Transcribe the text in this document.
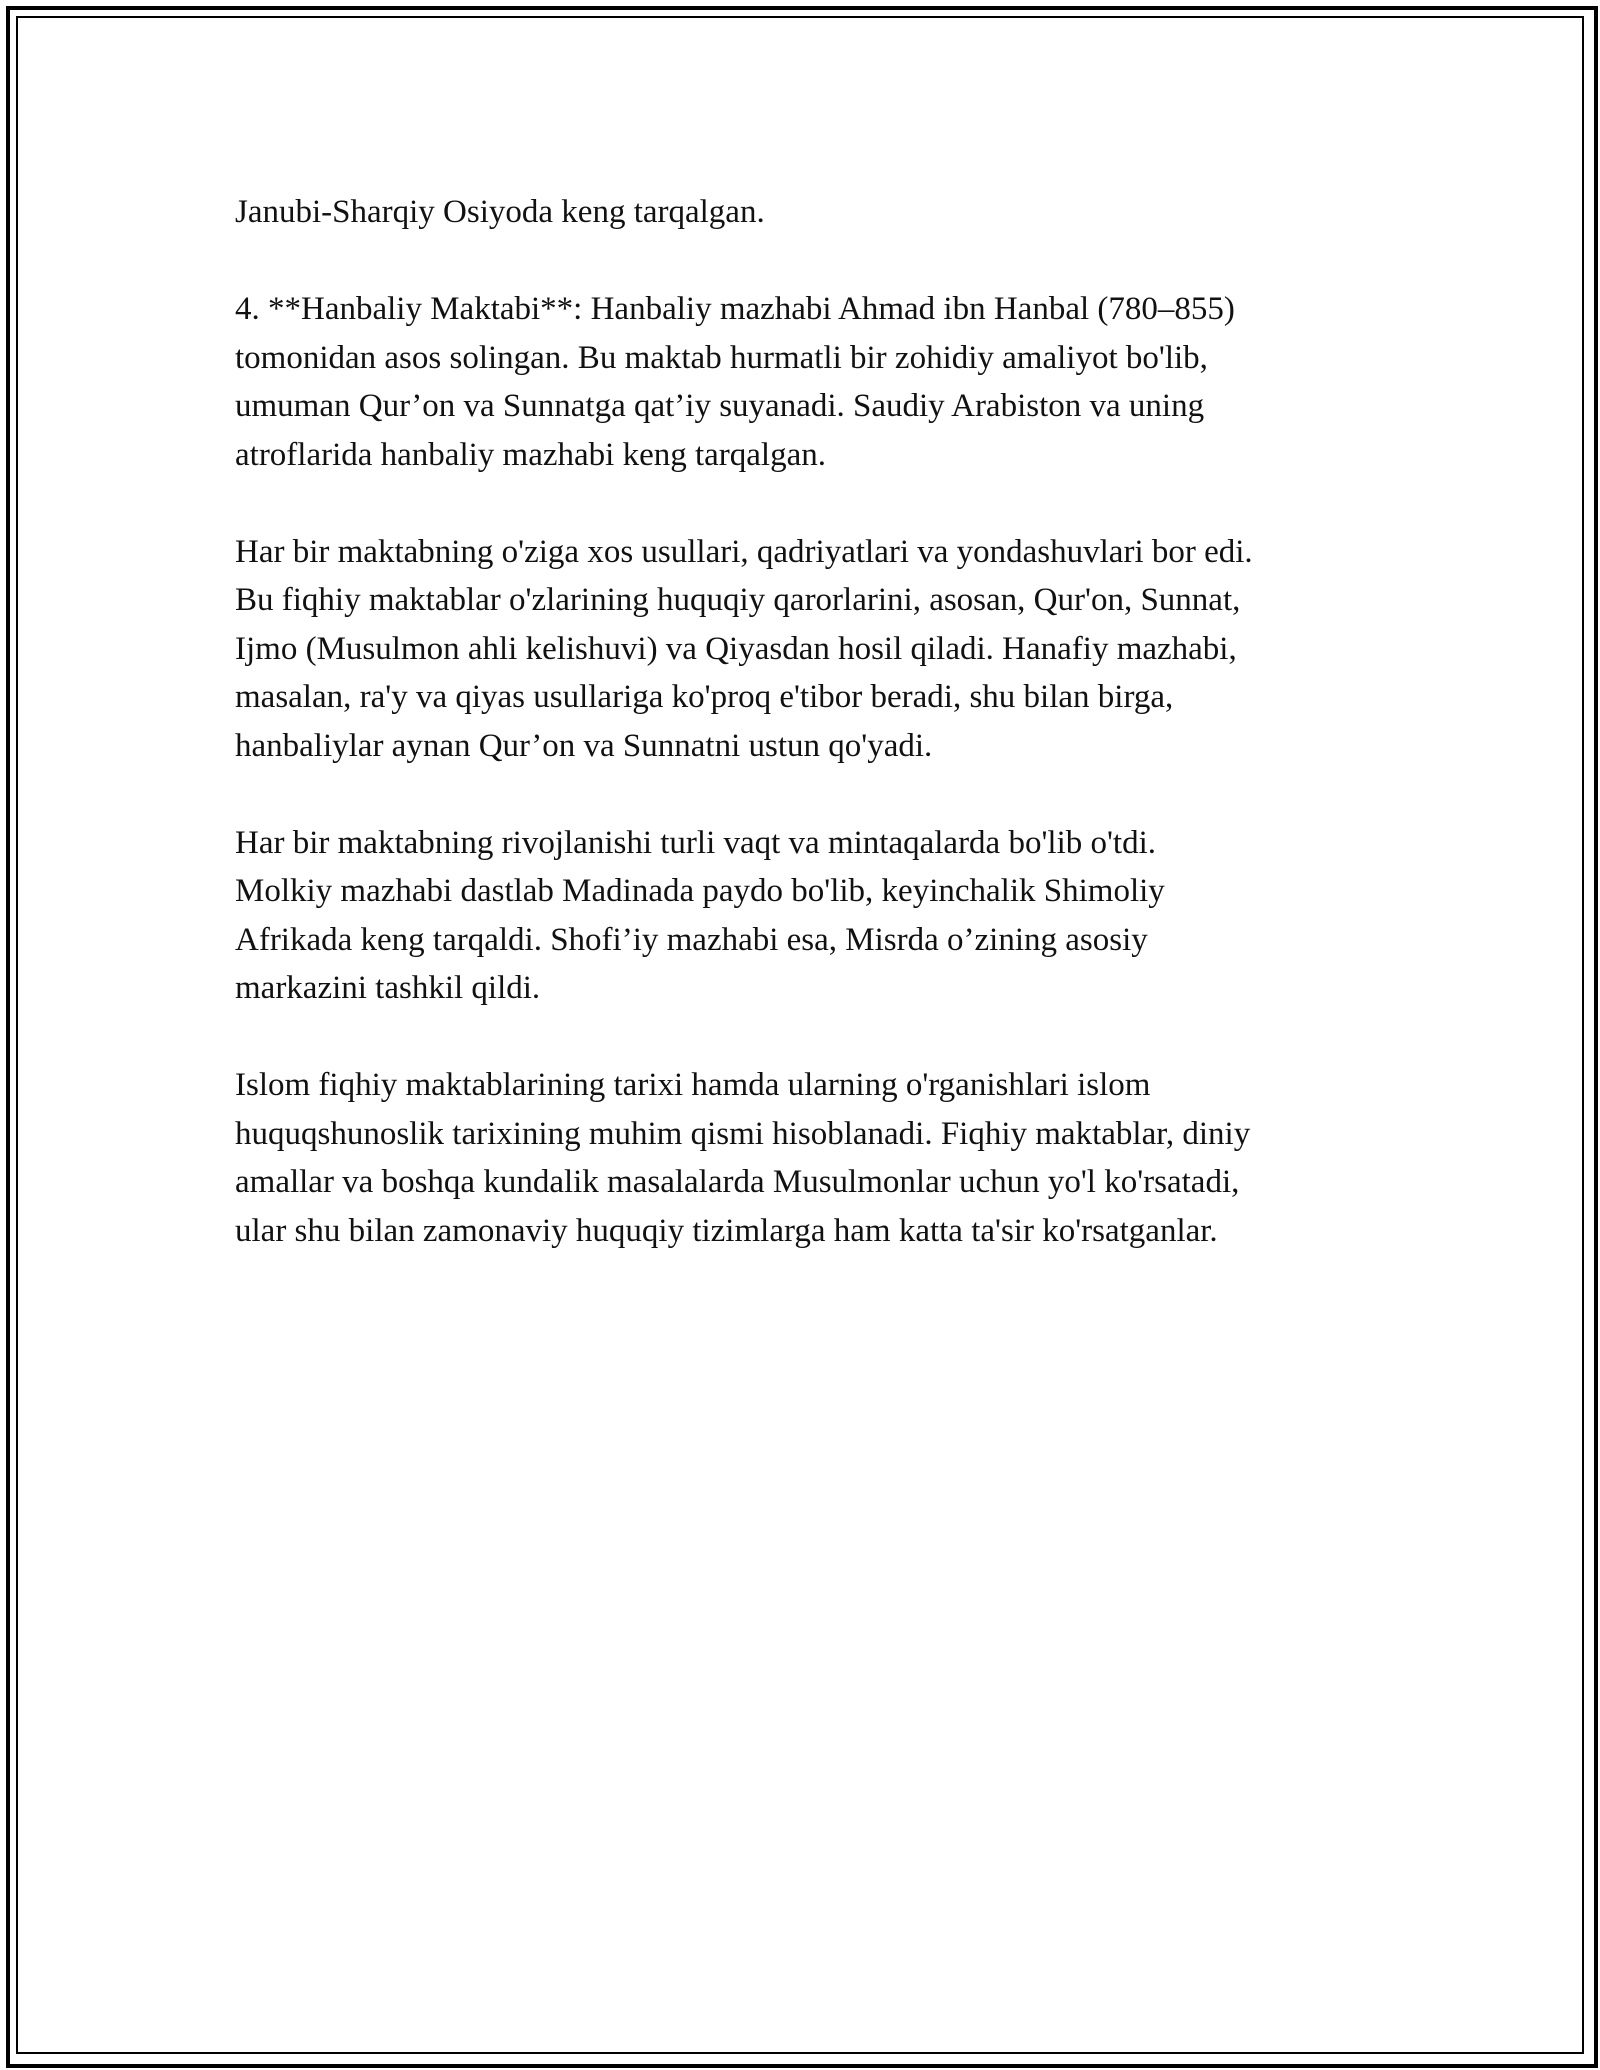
Janubi-Sharqiy Osiyoda keng tarqalgan.

4. **Hanbaliy Maktabi**: Hanbaliy mazhabi Ahmad ibn Hanbal (780–855)
tomonidan asos solingan. Bu maktab hurmatli bir zohidiy amaliyot bo'lib,
umuman Qur’on va Sunnatga qat’iy suyanadi. Saudiy Arabiston va uning
atroflarida hanbaliy mazhabi keng tarqalgan.

Har bir maktabning o'ziga xos usullari, qadriyatlari va yondashuvlari bor edi.
Bu fiqhiy maktablar o'zlarining huquqiy qarorlarini, asosan, Qur'on, Sunnat,
Ijmo (Musulmon ahli kelishuvi) va Qiyasdan hosil qiladi. Hanafiy mazhabi,
masalan, ra'y va qiyas usullariga ko'proq e'tibor beradi, shu bilan birga,
hanbaliylar aynan Qur’on va Sunnatni ustun qo'yadi.

Har bir maktabning rivojlanishi turli vaqt va mintaqalarda bo'lib o'tdi.
Molkiy mazhabi dastlab Madinada paydo bo'lib, keyinchalik Shimoliy
Afrikada keng tarqaldi. Shofi’iy mazhabi esa, Misrda o’zining asosiy
markazini tashkil qildi.

Islom fiqhiy maktablarining tarixi hamda ularning o'rganishlari islom
huquqshunoslik tarixining muhim qismi hisoblanadi. Fiqhiy maktablar, diniy
amallar va boshqa kundalik masalalarda Musulmonlar uchun yo'l ko'rsatadi,
ular shu bilan zamonaviy huquqiy tizimlarga ham katta ta'sir ko'rsatganlar.
